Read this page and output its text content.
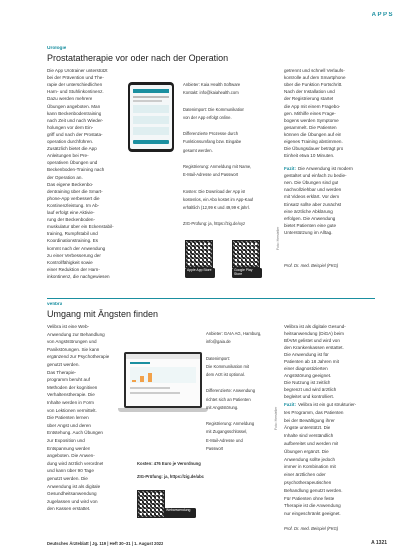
APPS
Urologie
Prostatatherapie vor oder nach der Operation
Die App Urotrainer unterstützt
bei der Prävention und The-
rapie der unterschiedlichen
Harn- und Stuhlinkontinenz.
Dazu werden mehrere
Übungen angeboten. Man
kann Beckenbodentraining
nach Zeit und nach Wieder-
holungen vor dem Ein-
griff und nach der Prostata-
operation durchführen.
Zusätzlich bietet die App
Anleitungen bei Pre-
operativen Übungen und
Beckenboden-Training nach
der Operation an.
Das eigene Beckenbo-
dentraining über die Smart-
phone-App verbessert die
Kontinenzleistung. Im Ab-
lauf erfolgt eine Aktivie-
rung der Beckenboden-
muskulatur über ein Eckenstabil-
training, Rumpfstabil und
Koordinationstraining. Es
kommt nach der Anwendung
zu einer Verbesserung der
Kontrollfähigkeit sowie
einer Reduktion der Harn-
inkontinenz, die nachgewiesen
Anbieter: Kaia Health Software
Kontakt: info@kaiahealth.com
Datenimport: Die Kommunikation
von der App erfolgt online.
Differenzierte Prozesse durch
Funktionsumfang bzw. Eingabe
gesamt werden.
Registrierung: Anmeldung mit Name,
E-Mail-Adresse und Passwort
Kosten: Die Download der App ist
kostenlos, ein Abo kostet im App-Kauf
erhältlich (12,99 € und 49,99 € jährl.
ZIG-Prüfung: ja, https://zig.de/xyz
Apple App Store	Google Play Store
getrennt und schnell Verlaufs-
kontrolle auf dem Smartphone
über die Funktion Fortschritt.
Nach der Installation und
der Registrierung startet
die App mit einem Fragebo-
gen. Mithilfe eines Frage-
bogens werden Symptome
gesammelt. Die Patienten
können die Übungen auf ein
eigenes Training abstimmen.
Die Übungsdauer beträgt pro
Einheit etwa 10 Minuten.
Fazit: Die Anwendung ist modern
gestaltet und einfach zu bedie-
nen. Die Übungen sind gut
nachvollziehbar und werden
mit Videos erklärt. Vor dem
Einsatz sollte aber zunächst
eine ärztliche Abklärung
erfolgen. Die Anwendung
bietet Patienten eine gute
Unterstützung im Alltag.
Prof. Dr. med. Beispiel (FKG)
Foto: Hersteller
velibra
Umgang mit Ängsten finden
Velibra ist eine Web-
Anwendung zur Behandlung
von Angststörungen und
Panikstörungen. Sie kann
ergänzend zur Psychotherapie
genutzt werden.
Das Therapie-
programm beruht auf
Methoden der kognitiven
Verhaltenstherapie. Die
Inhalte werden in Form
von Lektionen vermittelt.
Die Patienten lernen
über Angst und deren
Entstehung. Auch Übungen
zur Exposition und
Entspannung werden
angeboten. Die Anwen-
dung wird ärztlich verordnet
und kann über 90 Tage
genutzt werden. Die
Anwendung ist als digitale
Gesundheitsanwendung
zugelassen und wird von
den Kassen erstattet.
Anbieter: GAIA AG, Hamburg,
info@gaia.de
Datenimport:
Die Kommunikation mit
dem Arzt ist optional.
Differenzierte: Anwendung
richtet sich an Patienten
mit Angststörung.
Registrierung: Anmeldung
mit Zugangsschlüssel,
E-Mail-Adresse und
Passwort
Kosten: 476 Euro je Verordnung
ZIG-Prüfung: ja, https://zig.de/abc
Webanwendung
Foto: Hersteller
Velibra ist als digitale Gesund-
heitsanwendung (DiGA) beim
BfArM gelistet und wird von
den Krankenkassen erstattet.
Die Anwendung ist für
Patienten ab 18 Jahren mit
einer diagnostizierten
Angststörung geeignet.
Die Nutzung ist zeitlich
begrenzt und wird ärztlich
begleitet und kontrolliert.
Fazit: Velibra ist ein gut strukturier-
tes Programm, das Patienten
bei der Bewältigung ihrer
Ängste unterstützt. Die
Inhalte sind verständlich
aufbereitet und werden mit
Übungen ergänzt. Die
Anwendung sollte jedoch
immer in Kombination mit
einer ärztlichen oder
psychotherapeutischen
Behandlung genutzt werden.
Für Patienten ohne feste
Therapie ist die Anwendung
nur eingeschränkt geeignet.
Prof. Dr. med. Beispiel (FKG)
Deutsches Ärzteblatt | Jg. 119 | Heft 30–31 | 1. August 2022	A 1321
